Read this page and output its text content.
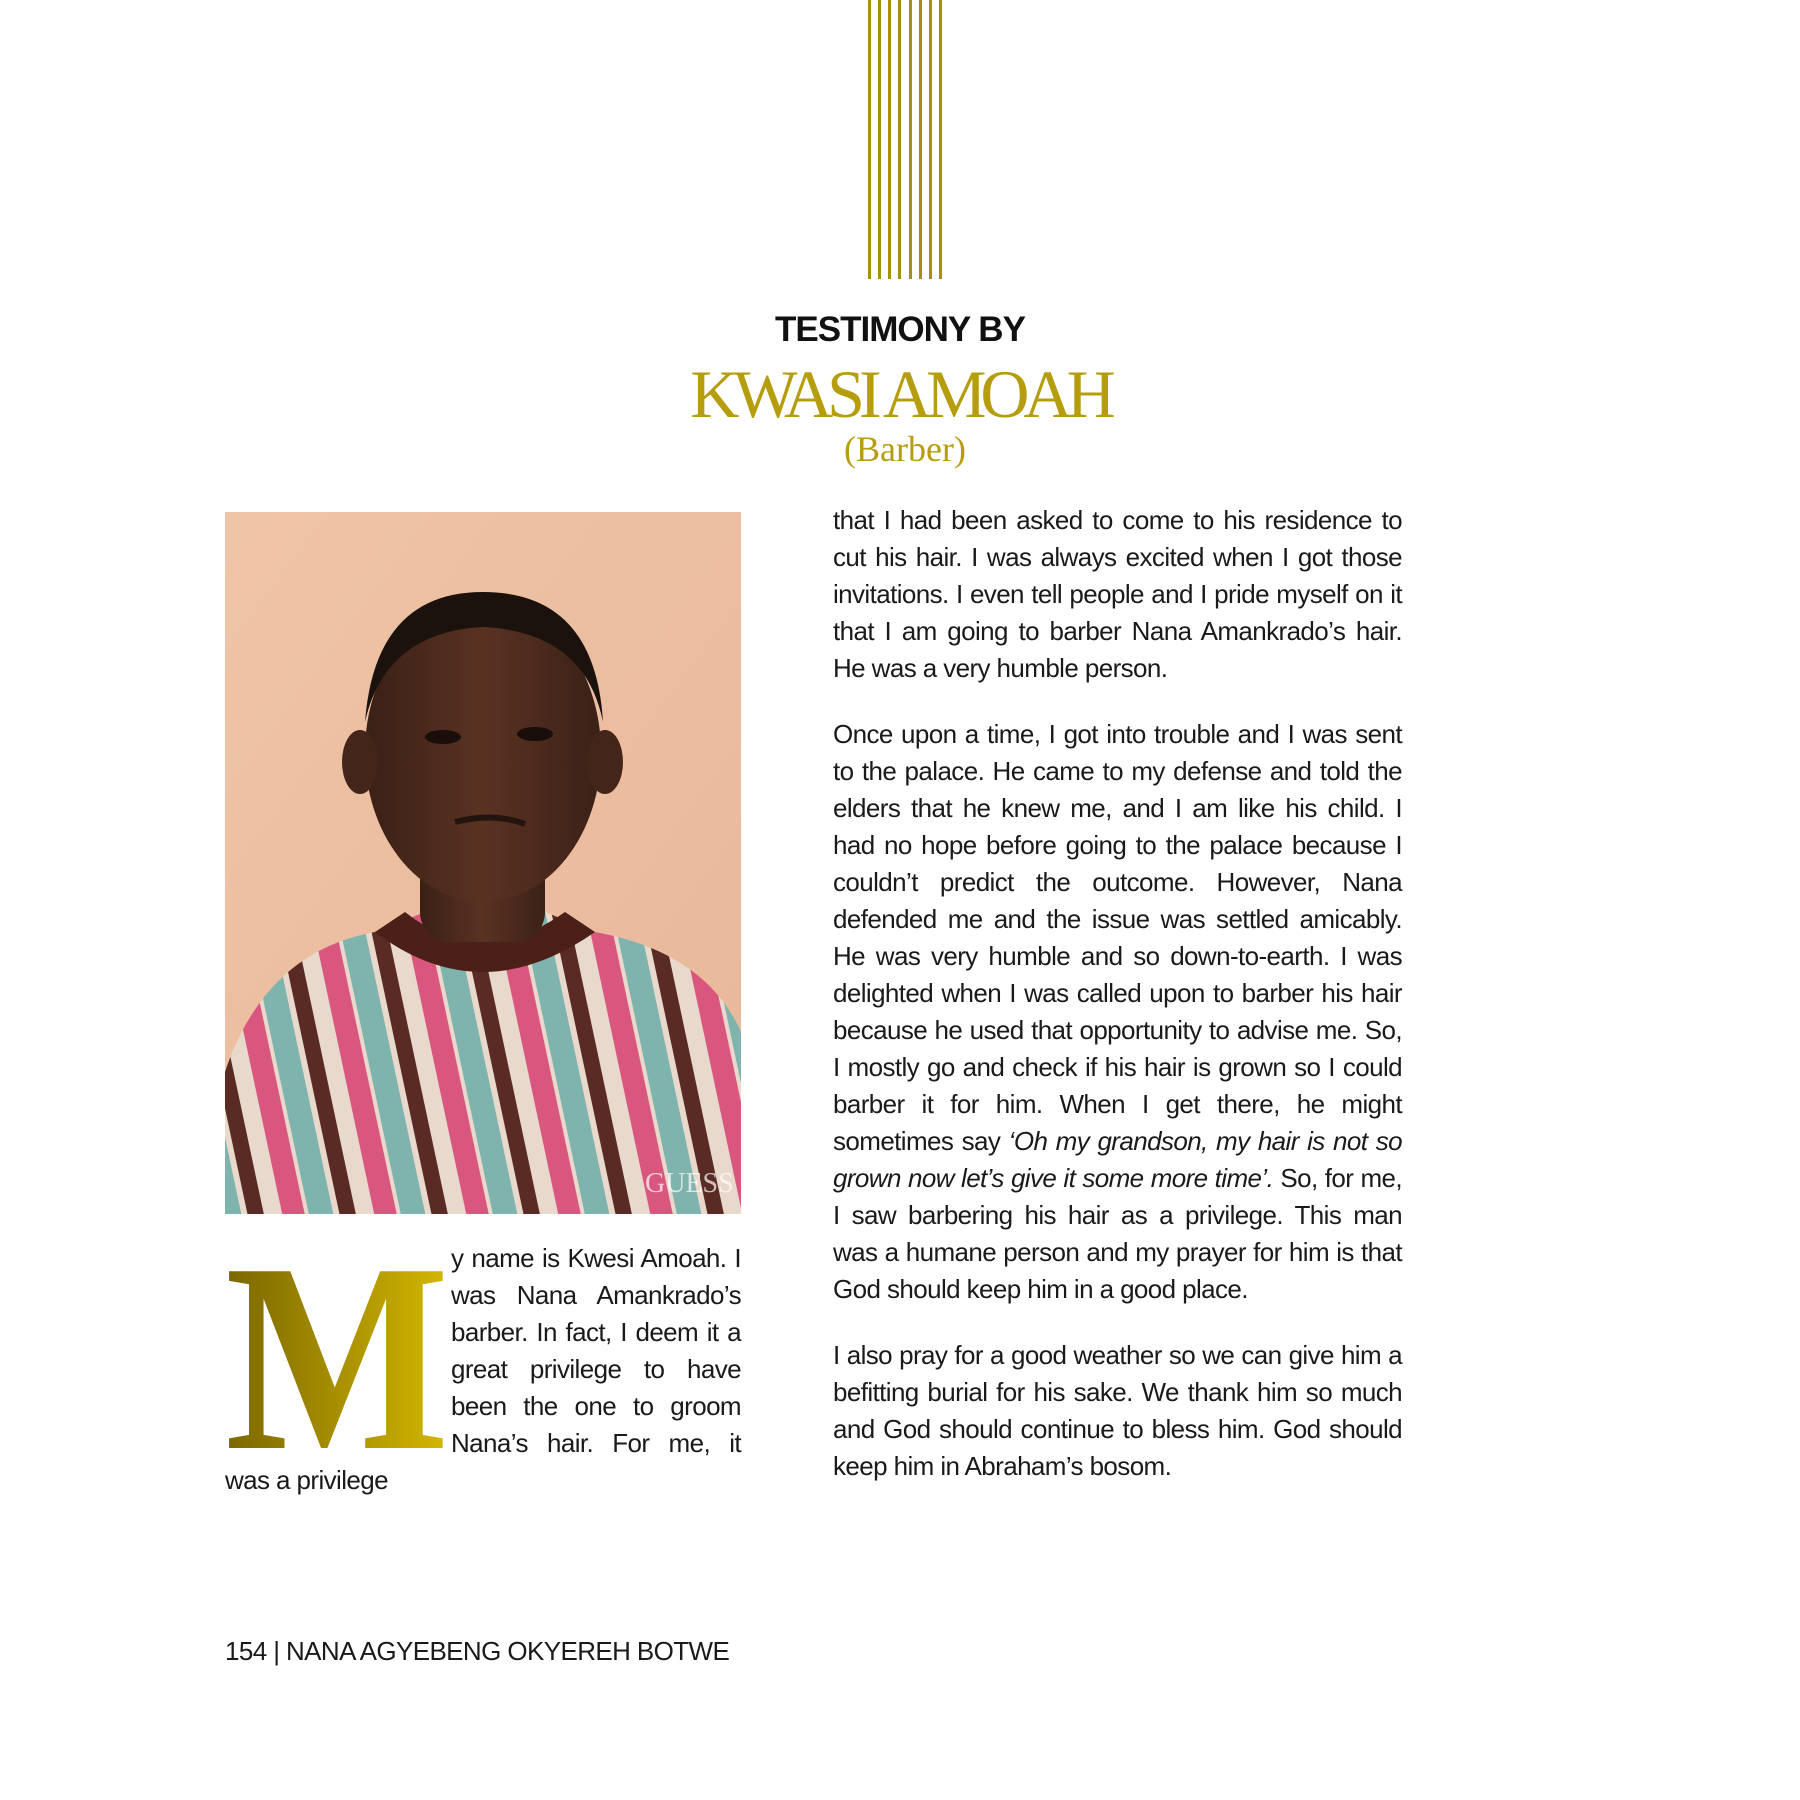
TESTIMONY BY
KWASI AMOAH
(Barber)
GUESS
M y name is Kwesi Amoah. I was Nana Amankrado’s barber. In fact, I deem it a great privilege to have been the one to groom Nana’s hair. For me, it was a privilege

that I had been asked to come to his residence to cut his hair. I was always excited when I got those invitations. I even tell people and I pride myself on it that I am going to barber Nana Amankrado’s hair. He was a very humble person.

Once upon a time, I got into trouble and I was sent to the palace. He came to my defense and told the elders that he knew me, and I am like his child. I had no hope before going to the palace because I couldn’t predict the outcome. However, Nana defended me and the issue was settled amicably. He was very humble and so down-to-earth. I was delighted when I was called upon to barber his hair because he used that opportunity to advise me. So, I mostly go and check if his hair is grown so I could barber it for him. When I get there, he might sometimes say ‘Oh my grandson, my hair is not so grown now let’s give it some more time’. So, for me, I saw barbering his hair as a privilege. This man was a humane person and my prayer for him is that God should keep him in a good place.

I also pray for a good weather so we can give him a befitting burial for his sake. We thank him so much and God should continue to bless him. God should keep him in Abraham’s bosom.

154 | NANA AGYEBENG OKYEREH BOTWE
